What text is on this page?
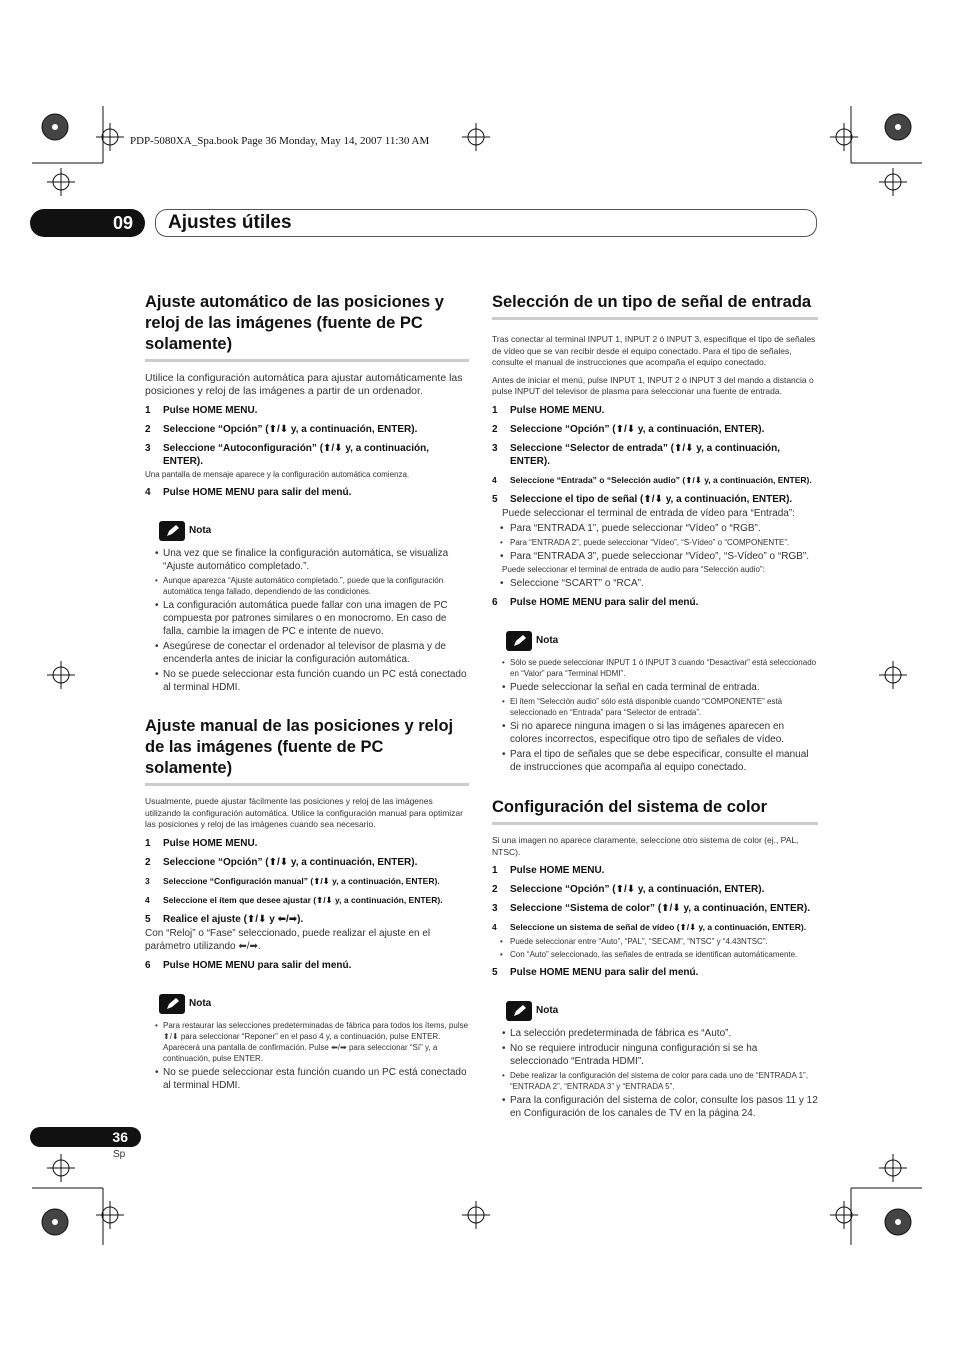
PDP-5080XA_Spa.book Page 36 Monday, May 14, 2007 11:30 AM
09	Ajustes útiles
Ajuste automático de las posiciones y reloj de las imágenes (fuente de PC solamente)

Utilice la configuración automática para ajustar automáticamente las posiciones y reloj de las imágenes a partir de un ordenador.

1 Pulse HOME MENU.
2 Seleccione “Opción” (⬆/⬇ y, a continuación, ENTER).
3 Seleccione “Autoconfiguración” (⬆/⬇ y, a continuación, ENTER).
Una pantalla de mensaje aparece y la configuración automática comienza.
4 Pulse HOME MENU para salir del menú.
Nota
• Una vez que se finalice la configuración automática, se visualiza “Ajuste automático completado.”.
• Aunque aparezca “Ajuste automático completado.”, puede que la configuración automática tenga fallado, dependiendo de las condiciones.
• La configuración automática puede fallar con una imagen de PC compuesta por patrones similares o en monocromo. En caso de falla, cambie la imagen de PC e intente de nuevo.
• Asegúrese de conectar el ordenador al televisor de plasma y de encenderla antes de iniciar la configuración automática.
• No se puede seleccionar esta función cuando un PC está conectado al terminal HDMI.
Ajuste manual de las posiciones y reloj de las imágenes (fuente de PC solamente)

Usualmente, puede ajustar fácilmente las posiciones y reloj de las imágenes utilizando la configuración automática. Utilice la configuración manual para optimizar las posiciones y reloj de las imágenes cuando sea necesario.

1 Pulse HOME MENU.
2 Seleccione “Opción” (⬆/⬇ y, a continuación, ENTER).
3 Seleccione “Configuración manual” (⬆/⬇ y, a continuación, ENTER).
4 Seleccione el ítem que desee ajustar (⬆/⬇ y, a continuación, ENTER).
5 Realice el ajuste (⬆/⬇ y ⬅/➡).
Con “Reloj” o “Fase” seleccionado, puede realizar el ajuste en el parámetro utilizando ⬅/➡.
6 Pulse HOME MENU para salir del menú.
Nota
• Para restaurar las selecciones predeterminadas de fábrica para todos los ítems, pulse ⬆/⬇ para seleccionar “Reponer” en el paso 4 y, a continuación, pulse ENTER. Aparecerá una pantalla de confirmación. Pulse ⬅/➡ para seleccionar “Sí” y, a continuación, pulse ENTER.
• No se puede seleccionar esta función cuando un PC está conectado al terminal HDMI.
Selección de un tipo de señal de entrada

Tras conectar al terminal INPUT 1, INPUT 2 ó INPUT 3, especifique el tipo de señales de vídeo que se van recibir desde el equipo conectado. Para el tipo de señales, consulte el manual de instrucciones que acompaña el equipo conectado.

Antes de iniciar el menú, pulse INPUT 1, INPUT 2 ó INPUT 3 del mando a distancia o pulse INPUT del televisor de plasma para seleccionar una fuente de entrada.

1 Pulse HOME MENU.
2 Seleccione “Opción” (⬆/⬇ y, a continuación, ENTER).
3 Seleccione “Selector de entrada” (⬆/⬇ y, a continuación, ENTER).
4 Seleccione “Entrada” o “Selección audio” (⬆/⬇ y, a continuación, ENTER).
5 Seleccione el tipo de señal (⬆/⬇ y, a continuación, ENTER).
Puede seleccionar el terminal de entrada de vídeo para “Entrada”:
• Para “ENTRADA 1”, puede seleccionar “Vídeo” o “RGB”.
• Para “ENTRADA 2”, puede seleccionar “Vídeo”, “S-Vídeo” o “COMPONENTE”.
• Para “ENTRADA 3”, puede seleccionar “Vídeo”, “S-Vídeo” o “RGB”.
Puede seleccionar el terminal de entrada de audio para “Selección audio”:
• Seleccione “SCART” o “RCA”.
6 Pulse HOME MENU para salir del menú.
Nota
• Sólo se puede seleccionar INPUT 1 ó INPUT 3 cuando “Desactivar” está seleccionado en “Valor” para “Terminal HDMI”.
• Puede seleccionar la señal en cada terminal de entrada.
• El ítem “Selección audio” sólo está disponible cuando “COMPONENTE” está seleccionado en “Entrada” para “Selector de entrada”.
• Si no aparece ninguna imagen o si las imágenes aparecen en colores incorrectos, especifique otro tipo de señales de vídeo.
• Para el tipo de señales que se debe especificar, consulte el manual de instrucciones que acompaña al equipo conectado.
Configuración del sistema de color

Si una imagen no aparece claramente, seleccione otro sistema de color (ej., PAL, NTSC).

1 Pulse HOME MENU.
2 Seleccione “Opción” (⬆/⬇ y, a continuación, ENTER).
3 Seleccione “Sistema de color” (⬆/⬇ y, a continuación, ENTER).
4 Seleccione un sistema de señal de vídeo (⬆/⬇ y, a continuación, ENTER).
• Puede seleccionar entre “Auto”, “PAL”, “SECAM”, “NTSC” y “4.43NTSC”.
• Con “Auto” seleccionado, las señales de entrada se identifican automáticamente.
5 Pulse HOME MENU para salir del menú.
Nota
• La selección predeterminada de fábrica es “Auto”.
• No se requiere introducir ninguna configuración si se ha seleccionado “Entrada HDMI”.
• Debe realizar la configuración del sistema de color para cada uno de “ENTRADA 1”, “ENTRADA 2”, “ENTRADA 3” y “ENTRADA 5”.
• Para la configuración del sistema de color, consulte los pasos 11 y 12 en Configuración de los canales de TV en la página 24.
36
Sp
